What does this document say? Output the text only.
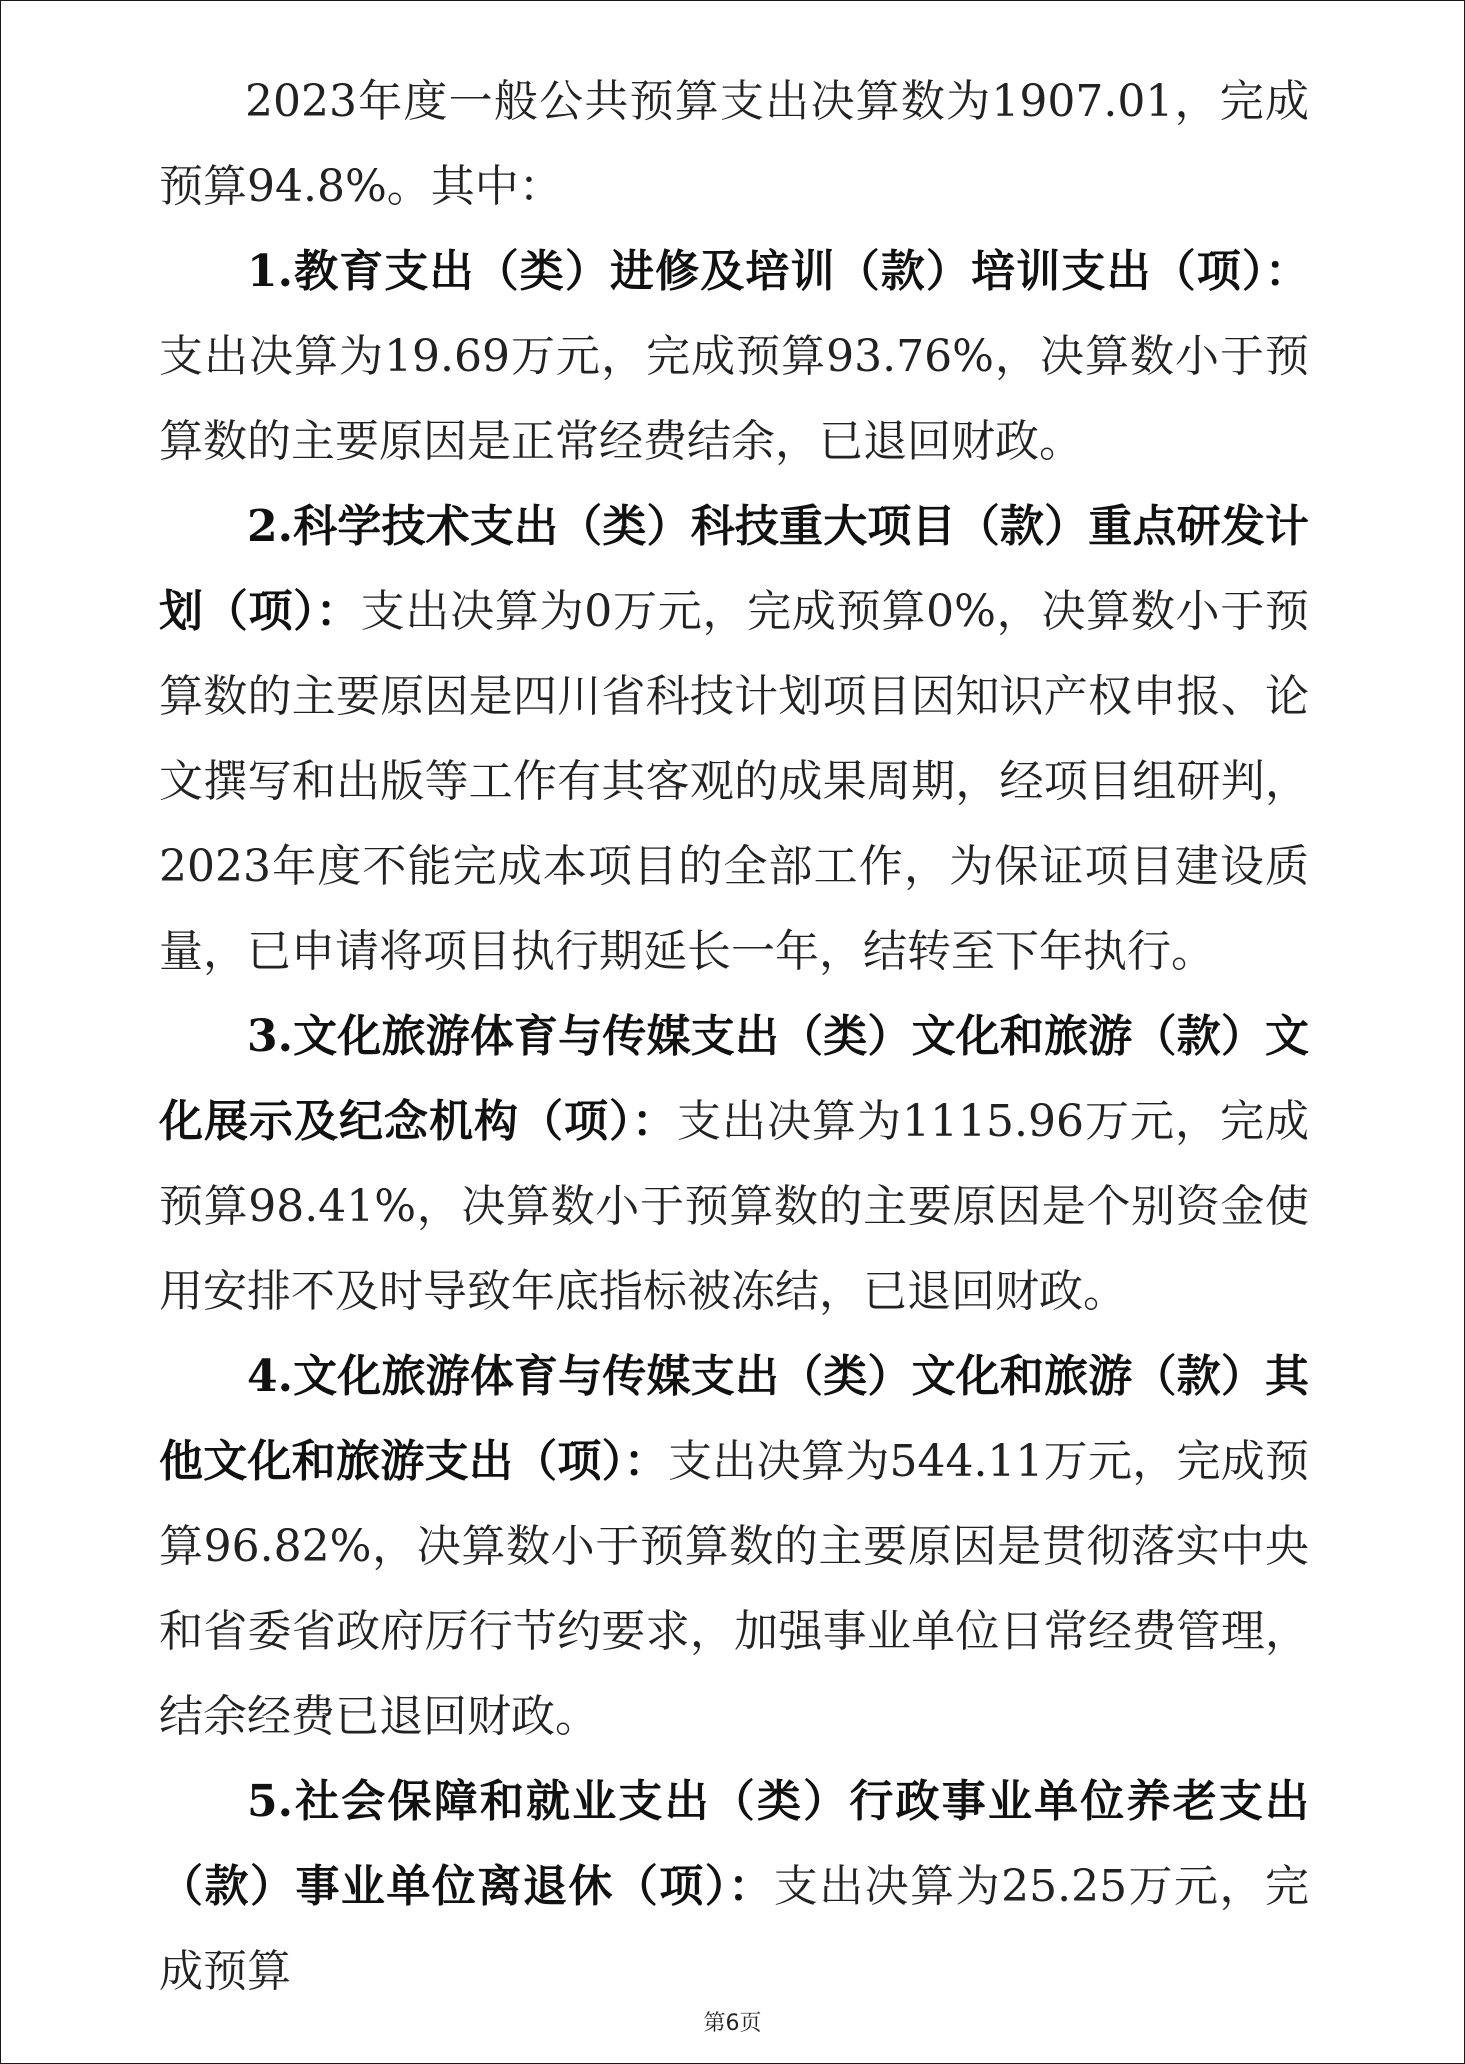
2023年度一般公共预算支出决算数为1907.01，完成预算94.8%。其中：

1.教育支出（类）进修及培训（款）培训支出（项）：支出决算为19.69万元，完成预算93.76%，决算数小于预算数的主要原因是正常经费结余，已退回财政。

2.科学技术支出（类）科技重大项目（款）重点研发计划（项）：支出决算为0万元，完成预算0%，决算数小于预算数的主要原因是四川省科技计划项目因知识产权申报、论文撰写和出版等工作有其客观的成果周期，经项目组研判，2023年度不能完成本项目的全部工作，为保证项目建设质量，已申请将项目执行期延长一年，结转至下年执行。

3.文化旅游体育与传媒支出（类）文化和旅游（款）文化展示及纪念机构（项）：支出决算为1115.96万元，完成预算98.41%，决算数小于预算数的主要原因是个别资金使用安排不及时导致年底指标被冻结，已退回财政。

4.文化旅游体育与传媒支出（类）文化和旅游（款）其他文化和旅游支出（项）：支出决算为544.11万元，完成预算96.82%，决算数小于预算数的主要原因是贯彻落实中央和省委省政府厉行节约要求，加强事业单位日常经费管理，结余经费已退回财政。

5.社会保障和就业支出（类）行政事业单位养老支出（款）事业单位离退休（项）：支出决算为25.25万元，完成预算

第6页
